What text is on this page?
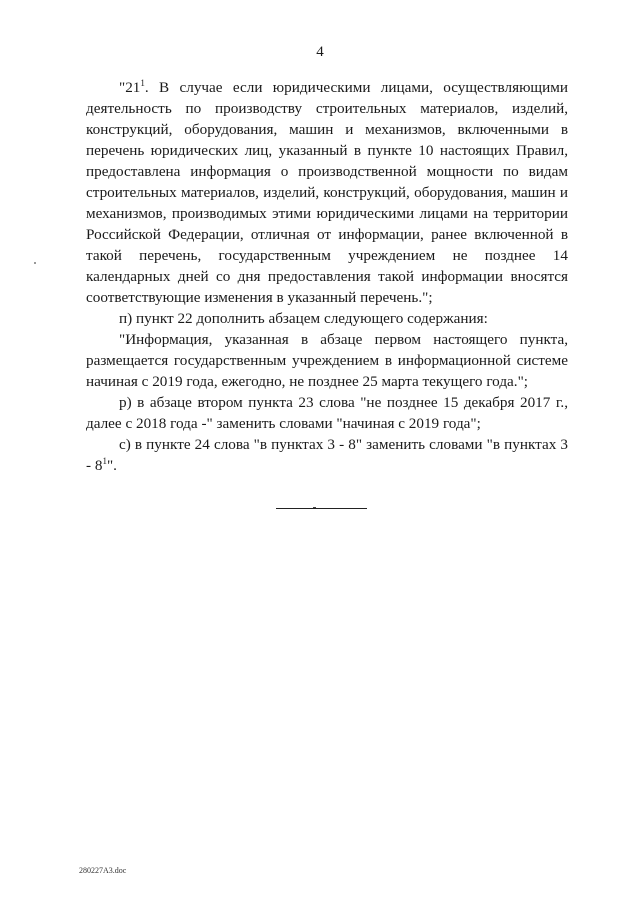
4

"$21^1$. В случае если юридическими лицами, осуществляющими деятельность по производству строительных материалов, изделий, конструкций, оборудования, машин и механизмов, включенными в перечень юридических лиц, указанный в пункте 10 настоящих Правил, предоставлена информация о производственной мощности по видам строительных материалов, изделий, конструкций, оборудования, машин и механизмов, производимых этими юридическими лицами на территории Российской Федерации, отличная от информации, ранее включенной в такой перечень, государственным учреждением не позднее 14 календарных дней со дня предоставления такой информации вносятся соответствующие изменения в указанный перечень.";

п) пункт 22 дополнить абзацем следующего содержания:

"Информация, указанная в абзаце первом настоящего пункта, размещается государственным учреждением в информационной системе начиная с 2019 года, ежегодно, не позднее 25 марта текущего года.";

р) в абзаце втором пункта 23 слова "не позднее 15 декабря 2017 г., далее с 2018 года -" заменить словами "начиная с 2019 года";

с) в пункте 24 слова "в пунктах 3 - 8" заменить словами "в пунктах $3 - 8^1$".

280227А3.doc
